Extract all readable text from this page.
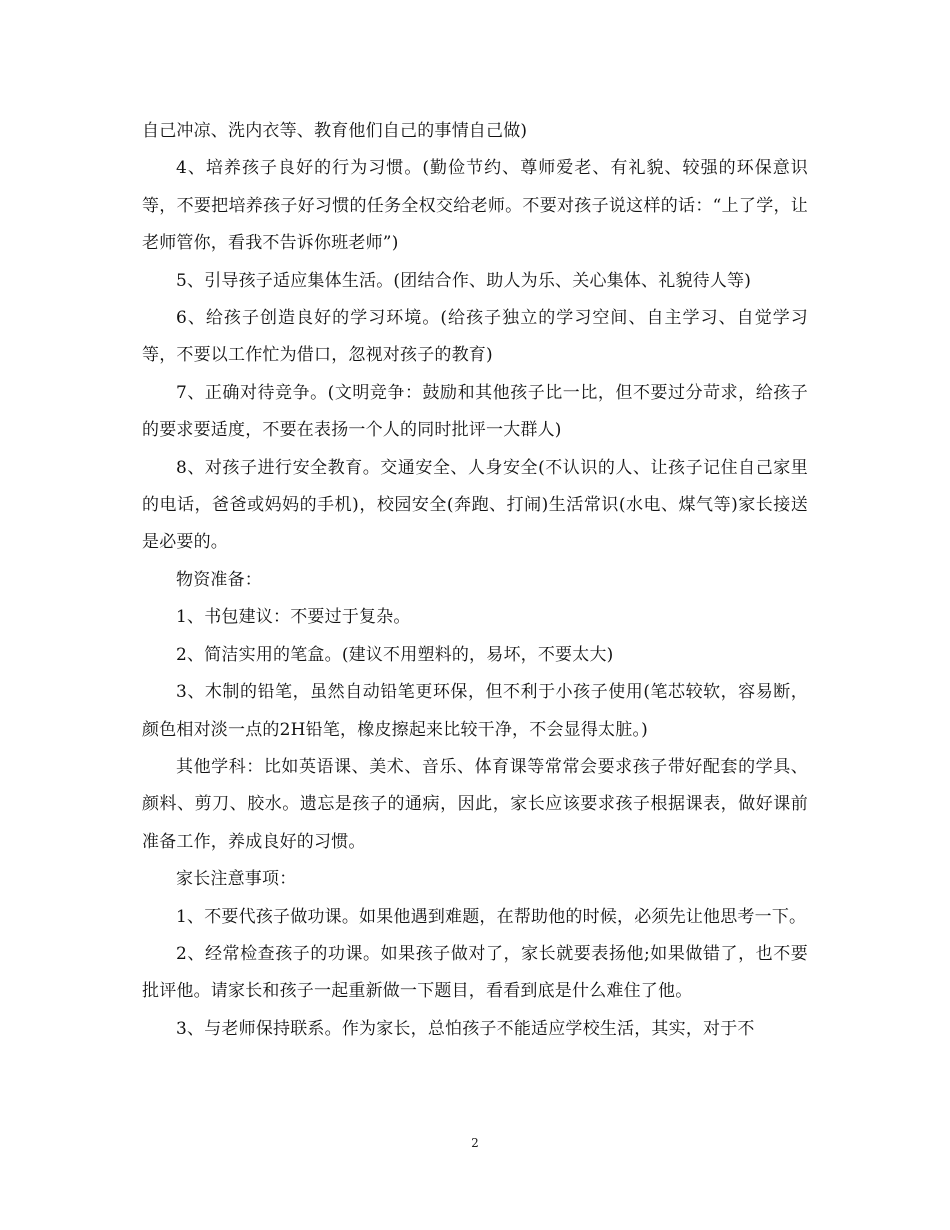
自己冲凉、洗内衣等、教育他们自己的事情自己做)

4、培养孩子良好的行为习惯。(勤俭节约、尊师爱老、有礼貌、较强的环保意识等，不要把培养孩子好习惯的任务全权交给老师。不要对孩子说这样的话：“上了学，让老师管你，看我不告诉你班老师”)

5、引导孩子适应集体生活。(团结合作、助人为乐、关心集体、礼貌待人等)

6、给孩子创造良好的学习环境。(给孩子独立的学习空间、自主学习、自觉学习等，不要以工作忙为借口，忽视对孩子的教育)

7、正确对待竞争。(文明竞争：鼓励和其他孩子比一比，但不要过分苛求，给孩子的要求要适度，不要在表扬一个人的同时批评一大群人)

8、对孩子进行安全教育。交通安全、人身安全(不认识的人、让孩子记住自己家里的电话，爸爸或妈妈的手机)，校园安全(奔跑、打闹)生活常识(水电、煤气等)家长接送是必要的。

物资准备：

1、书包建议：不要过于复杂。

2、简洁实用的笔盒。(建议不用塑料的，易坏，不要太大)

3、木制的铅笔，虽然自动铅笔更环保，但不利于小孩子使用(笔芯较软，容易断，颜色相对淡一点的2H铅笔，橡皮擦起来比较干净，不会显得太脏。)

其他学科：比如英语课、美术、音乐、体育课等常常会要求孩子带好配套的学具、颜料、剪刀、胶水。遗忘是孩子的通病，因此，家长应该要求孩子根据课表，做好课前准备工作，养成良好的习惯。

家长注意事项：

1、不要代孩子做功课。如果他遇到难题，在帮助他的时候，必须先让他思考一下。

2、经常检查孩子的功课。如果孩子做对了，家长就要表扬他;如果做错了，也不要批评他。请家长和孩子一起重新做一下题目，看看到底是什么难住了他。

3、与老师保持联系。作为家长，总怕孩子不能适应学校生活，其实，对于不

2
